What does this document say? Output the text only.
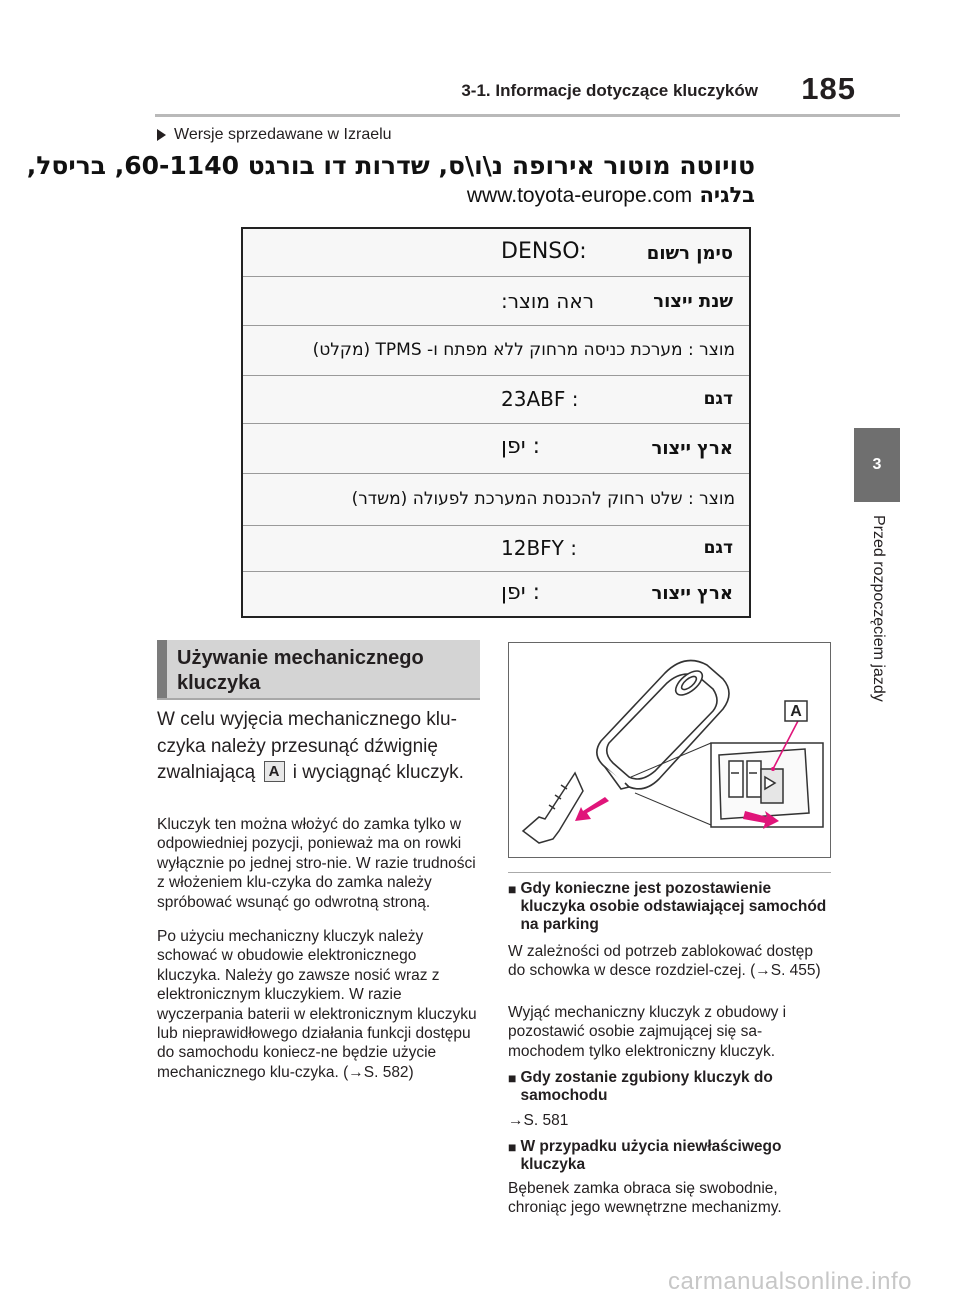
3-1. Informacje dotyczące kluczyków 185
3
Przed rozpoczęciem jazdy
Wersje sprzedawane w Izraelu
טויוטה מוטור אירופה נ\ו\ס, שדרות דו בורגט 60-1140, בריסל,
בלגיה www.toyota-europe.com
סימן רשום
DENSO:
שנת ייצור
ראה מוצר:
מוצר : מערכת כניסה מרחוק ללא מפתח ו- TPMS (מקלט)
דגם
23ABF :
ארץ ייצור
יפן :
מוצר : שלט רחוק להכנסת המערכת לפעולה (משדר)
דגם
12BFY :
ארץ ייצור
יפן :
Używanie mechanicznego kluczyka
W celu wyjęcia mechanicznego klu-czyka należy przesunąć dźwignię zwalniającą A i wyciągnąć kluczyk.
Kluczyk ten można włożyć do zamka tylko w odpowiedniej pozycji, ponieważ ma on rowki wyłącznie po jednej stro-nie. W razie trudności z włożeniem klu-czyka do zamka należy spróbować wsunąć go odwrotną stroną.
Po użyciu mechaniczny kluczyk należy schować w obudowie elektronicznego kluczyka. Należy go zawsze nosić wraz z elektronicznym kluczykiem. W razie wyczerpania baterii w elektronicznym kluczyku lub nieprawidłowego działania funkcji dostępu do samochodu koniecz-ne będzie użycie mechanicznego klu-czyka. (→S. 582)
A
■ Gdy konieczne jest pozostawienie kluczyka osobie odstawiającej samochód na parking
W zależności od potrzeb zablokować dostęp do schowka w desce rozdziel-czej. (→S. 455)
Wyjąć mechaniczny kluczyk z obudowy i pozostawić osobie zajmującej się sa-mochodem tylko elektroniczny kluczyk.
■ Gdy zostanie zgubiony kluczyk do samochodu
→S. 581
■ W przypadku użycia niewłaściwego kluczyka
Bębenek zamka obraca się swobodnie, chroniąc jego wewnętrzne mechanizmy.
carmanualsonline.info
